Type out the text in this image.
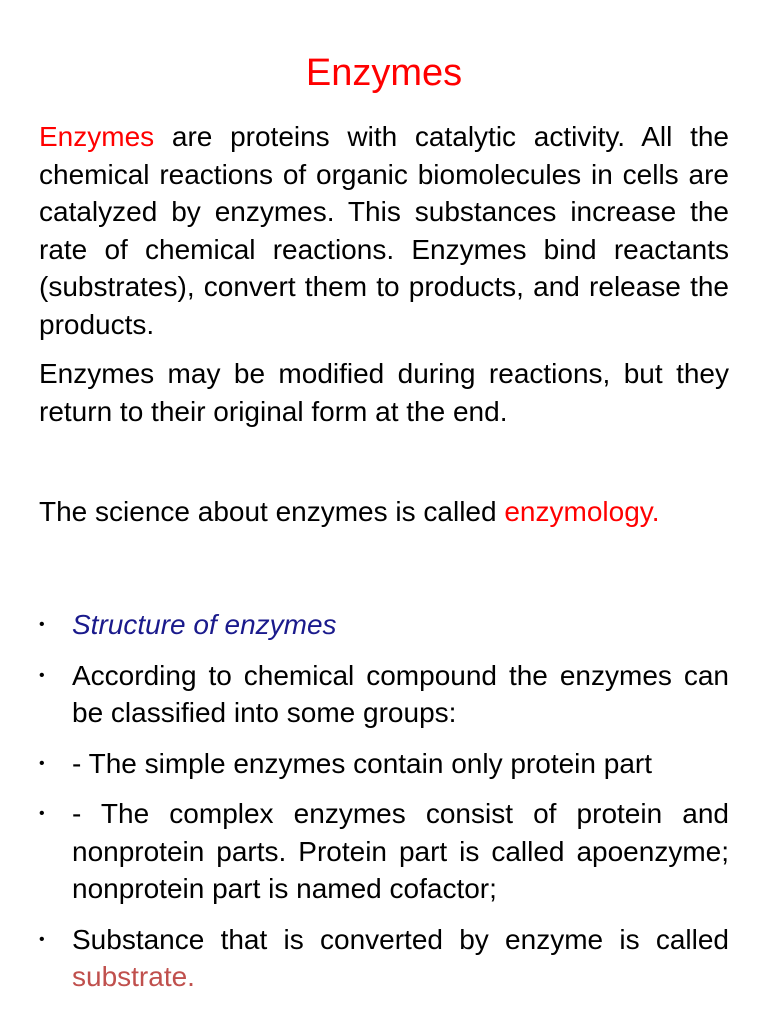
Enzymes

Enzymes are proteins with catalytic activity. All the chemical reactions of organic biomolecules in cells are catalyzed by enzymes. This substances increase the rate of chemical reactions. Enzymes bind reactants (substrates), convert them to products, and release the products.

Enzymes may be modified during reactions, but they return to their original form at the end.

The science about enzymes is called enzymology.

• Structure of enzymes
• According to chemical compound the enzymes can be classified into some groups:
• - The simple enzymes contain only protein part
• - The complex enzymes consist of protein and nonprotein parts. Protein part is called apoenzyme; nonprotein part is named cofactor;
• Substance that is converted by enzyme is called substrate.
